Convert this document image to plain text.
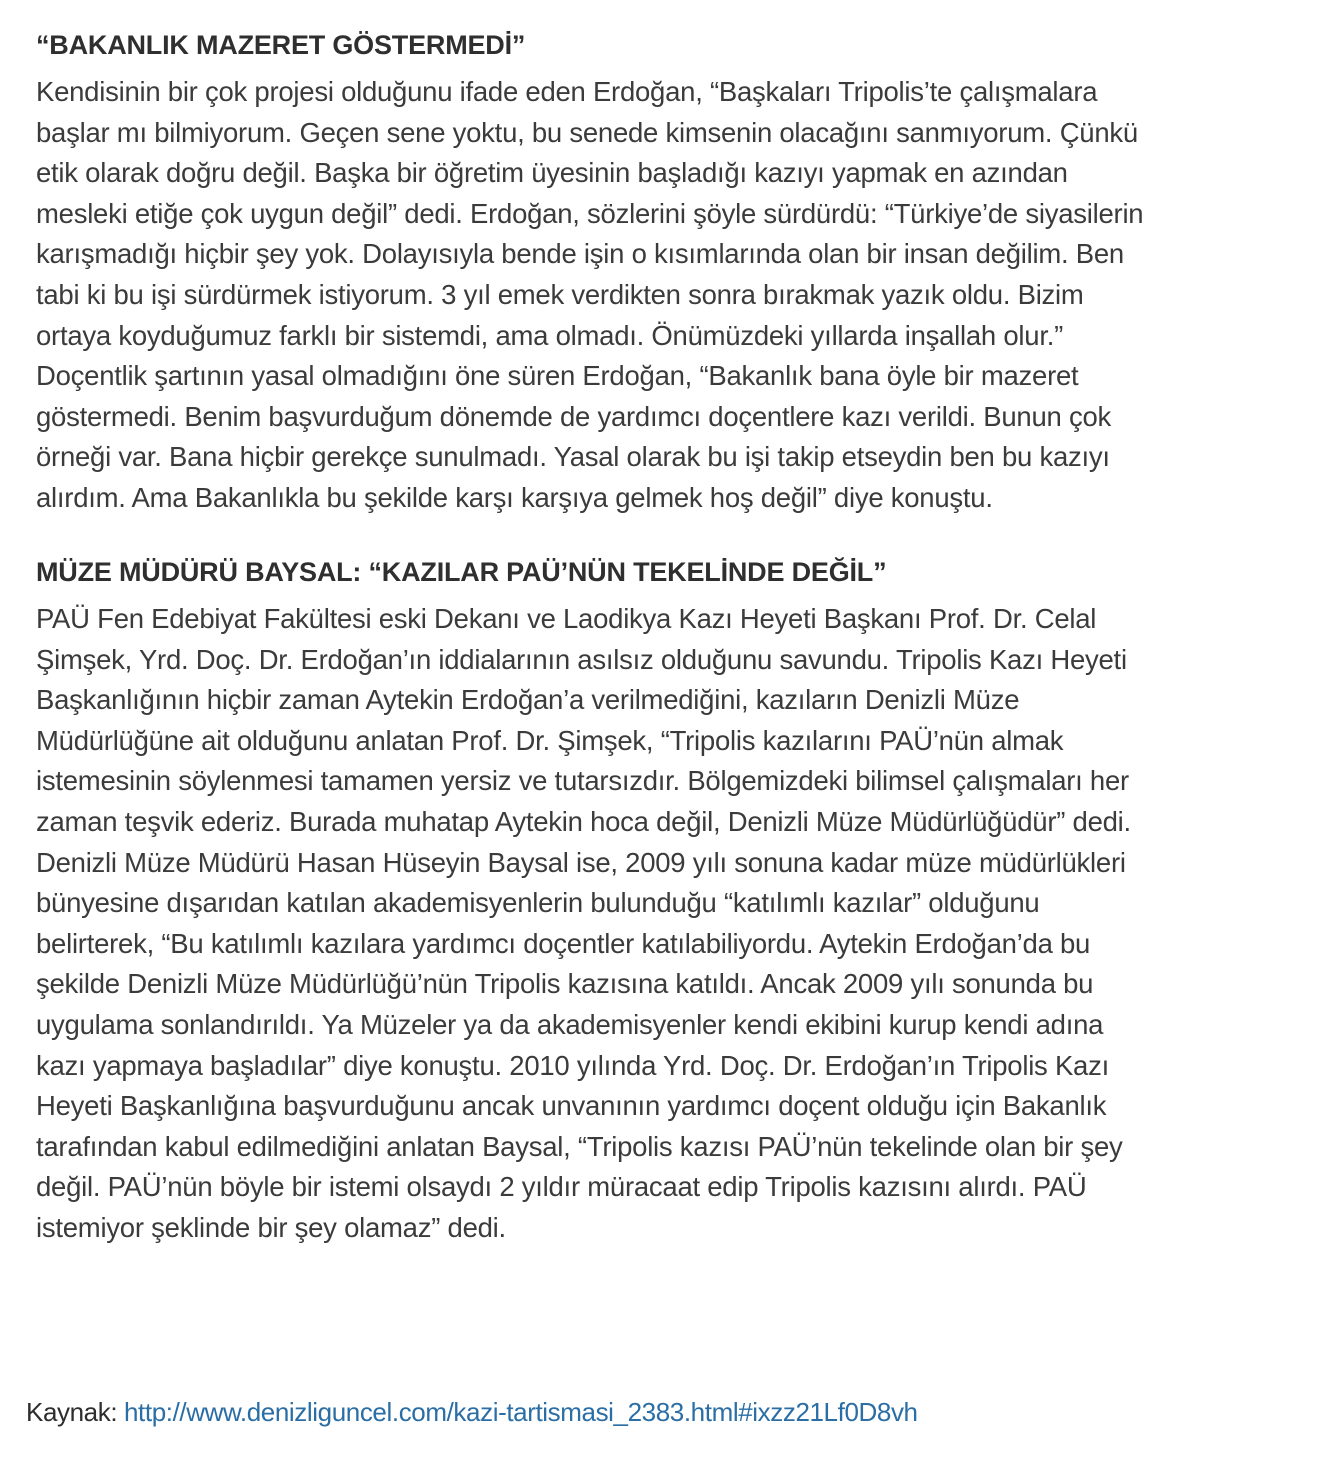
“BAKANLIK MAZERET GÖSTERMEDİ”
Kendisinin bir çok projesi olduğunu ifade eden Erdoğan, “Başkaları Tripolis’te çalışmalara
başlar mı bilmiyorum. Geçen sene yoktu, bu senede kimsenin olacağını sanmıyorum. Çünkü
etik olarak doğru değil. Başka bir öğretim üyesinin başladığı kazıyı yapmak en azından
mesleki etiğe çok uygun değil” dedi. Erdoğan, sözlerini şöyle sürdürdü: “Türkiye’de siyasilerin
karışmadığı hiçbir şey yok. Dolayısıyla bende işin o kısımlarında olan bir insan değilim. Ben
tabi ki bu işi sürdürmek istiyorum. 3 yıl emek verdikten sonra bırakmak yazık oldu. Bizim
ortaya koyduğumuz farklı bir sistemdi, ama olmadı. Önümüzdeki yıllarda inşallah olur.”
Doçentlik şartının yasal olmadığını öne süren Erdoğan, “Bakanlık bana öyle bir mazeret
göstermedi. Benim başvurduğum dönemde de yardımcı doçentlere kazı verildi. Bunun çok
örneği var. Bana hiçbir gerekçe sunulmadı. Yasal olarak bu işi takip etseydin ben bu kazıyı
alırdım. Ama Bakanlıkla bu şekilde karşı karşıya gelmek hoş değil” diye konuştu.
MÜZE MÜDÜRÜ BAYSAL: “KAZILAR PAÜ’NÜN TEKELİNDE DEĞİL”
PAÜ Fen Edebiyat Fakültesi eski Dekanı ve Laodikya Kazı Heyeti Başkanı Prof. Dr. Celal
Şimşek, Yrd. Doç. Dr. Erdoğan’ın iddialarının asılsız olduğunu savundu. Tripolis Kazı Heyeti
Başkanlığının hiçbir zaman Aytekin Erdoğan’a verilmediğini, kazıların Denizli Müze
Müdürlüğüne ait olduğunu anlatan Prof. Dr. Şimşek, “Tripolis kazılarını PAÜ’nün almak
istemesinin söylenmesi tamamen yersiz ve tutarsızdır. Bölgemizdeki bilimsel çalışmaları her
zaman teşvik ederiz. Burada muhatap Aytekin hoca değil, Denizli Müze Müdürlüğüdür” dedi.
Denizli Müze Müdürü Hasan Hüseyin Baysal ise, 2009 yılı sonuna kadar müze müdürlükleri
bünyesine dışarıdan katılan akademisyenlerin bulunduğu “katılımlı kazılar” olduğunu
belirterek, “Bu katılımlı kazılara yardımcı doçentler katılabiliyordu. Aytekin Erdoğan’da bu
şekilde Denizli Müze Müdürlüğü’nün Tripolis kazısına katıldı. Ancak 2009 yılı sonunda bu
uygulama sonlandırıldı. Ya Müzeler ya da akademisyenler kendi ekibini kurup kendi adına
kazı yapmaya başladılar” diye konuştu. 2010 yılında Yrd. Doç. Dr. Erdoğan’ın Tripolis Kazı
Heyeti Başkanlığına başvurduğunu ancak unvanının yardımcı doçent olduğu için Bakanlık
tarafından kabul edilmediğini anlatan Baysal, “Tripolis kazısı PAÜ’nün tekelinde olan bir şey
değil. PAÜ’nün böyle bir istemi olsaydı 2 yıldır müracaat edip Tripolis kazısını alırdı. PAÜ
istemiyor şeklinde bir şey olamaz” dedi.
Kaynak: http://www.denizliguncel.com/kazi-tartismasi_2383.html#ixzz21Lf0D8vh
